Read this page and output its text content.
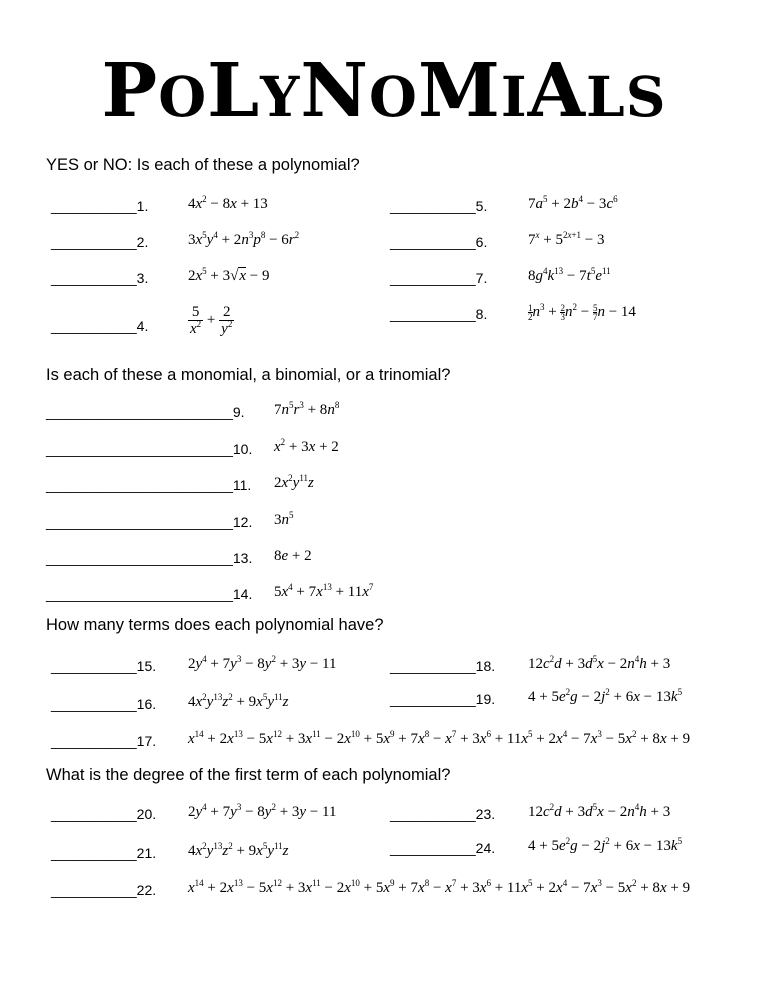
POLYNOMIALS
YES or NO: Is each of these a polynomial?
___________1.	$4x^2 - 8x + 13$	___________5.	$7a^5 + 2b^4 - 3c^6$
___________2.	$3x^5y^4 + 2n^3p^8 - 6r^2$	___________6.	$7^x + 5^{2x+1} - 3$
___________3.	$2x^5 + 3√x - 9$	___________7.	$8g^4k^{13} - 7t^5e^{11}$
___________4.	$\frac{5}{x^2} + \frac{2}{y^2}$	___________8.	$\frac{1}{2} n^3 + \frac{2}{3} n^2 - \frac{5}{7}$ n − 14
Is each of these a monomial, a binomial, or a trinomial?
________________________9. $7n^5r^3 + 8n^8$
________________________10. $x^2 + 3x + 2$
________________________11. $2x^2y^{11}z$
________________________12. $3n^5$
________________________13. 8e + 2
________________________14. $5x^4 + 7x^{13} + 11x^7$
How many terms does each polynomial have?
___________15. $2y^4 + 7y^3 - 8y^2 + 3y - 11$	___________18. $12c^2d + 3d^5x - 2n^4h + 3$
___________16. $4x^2y^{13}z^2 + 9x^5y^{11}z$	___________19. $4 + 5e^2g - 2j^2 + 6x - 13k^5$
___________17. $x^{14} + 2x^{13} - 5x^{12} + 3x^{11} - 2x^{10} + 5x^9 + 7x^8 - x^7 + 3x^6 + 11x^5 + 2x^4 - 7x^3 - 5x^2 + 8x + 9$
What is the degree of the first term of each polynomial?
___________20. $2y^4 + 7y^3 - 8y^2 + 3y - 11$	___________23. $12c^2d + 3d^5x - 2n^4h + 3$
___________21. $4x^2y^{13}z^2 + 9x^5y^{11}z$	___________24. $4 + 5e^2g - 2j^2 + 6x - 13k^5$
___________22. $x^{14} + 2x^{13} - 5x^{12} + 3x^{11} - 2x^{10} + 5x^9 + 7x^8 - x^7 + 3x^6 + 11x^5 + 2x^4 - 7x^3 - 5x^2 + 8x + 9$
